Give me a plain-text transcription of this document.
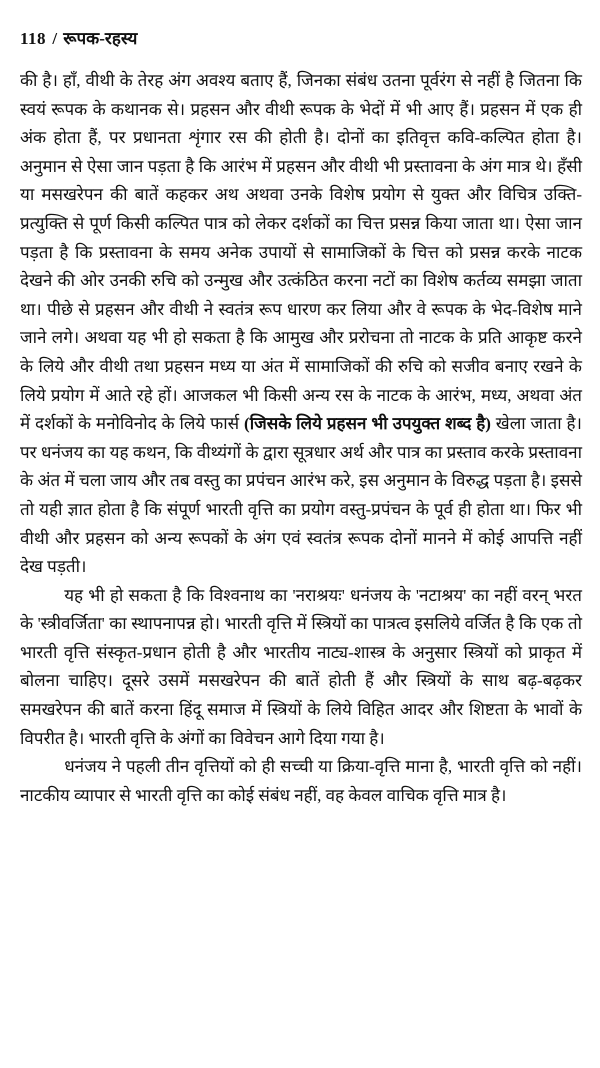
118 / रूपक-रहस्य

की है। हाँ, वीथी के तेरह अंग अवश्य बताए हैं, जिनका संबंध उतना पूर्वरंग से नहीं है जितना कि स्वयं रूपक के कथानक से। प्रहसन और वीथी रूपक के भेदों में भी आए हैं। प्रहसन में एक ही अंक होता हैं, पर प्रधानता शृंगार रस की होती है। दोनों का इतिवृत्त कवि-कल्पित होता है। अनुमान से ऐसा जान पड़ता है कि आरंभ में प्रहसन और वीथी भी प्रस्तावना के अंग मात्र थे। हँसी या मसखरेपन की बातें कहकर अथ अथवा उनके विशेष प्रयोग से युक्त और विचित्र उक्ति-प्रत्युक्ति से पूर्ण किसी कल्पित पात्र को लेकर दर्शकों का चित्त प्रसन्न किया जाता था। ऐसा जान पड़ता है कि प्रस्तावना के समय अनेक उपायों से सामाजिकों के चित्त को प्रसन्न करके नाटक देखने की ओर उनकी रुचि को उन्मुख और उत्कंठित करना नटों का विशेष कर्तव्य समझा जाता था। पीछे से प्रहसन और वीथी ने स्वतंत्र रूप धारण कर लिया और वे रूपक के भेद-विशेष माने जाने लगे। अथवा यह भी हो सकता है कि आमुख और प्ररोचना तो नाटक के प्रति आकृष्ट करने के लिये और वीथी तथा प्रहसन मध्य या अंत में सामाजिकों की रुचि को सजीव बनाए रखने के लिये प्रयोग में आते रहे हों। आजकल भी किसी अन्य रस के नाटक के आरंभ, मध्य, अथवा अंत में दर्शकों के मनोविनोद के लिये फार्स (जिसके लिये प्रहसन भी उपयुक्त शब्द है) खेला जाता है। पर धनंजय का यह कथन, कि वीथ्यंगों के द्वारा सूत्रधार अर्थ और पात्र का प्रस्ताव करके प्रस्तावना के अंत में चला जाय और तब वस्तु का प्रपंचन आरंभ करे, इस अनुमान के विरुद्ध पड़ता है। इससे तो यही ज्ञात होता है कि संपूर्ण भारती वृत्ति का प्रयोग वस्तु-प्रपंचन के पूर्व ही होता था। फिर भी वीथी और प्रहसन को अन्य रूपकों के अंग एवं स्वतंत्र रूपक दोनों मानने में कोई आपत्ति नहीं देख पड़ती।

यह भी हो सकता है कि विश्वनाथ का 'नराश्रयः' धनंजय के 'नटाश्रय' का नहीं वरन् भरत के 'स्त्रीवर्जिता' का स्थापनापन्न हो। भारती वृत्ति में स्त्रियों का पात्रत्व इसलिये वर्जित है कि एक तो भारती वृत्ति संस्कृत-प्रधान होती है और भारतीय नाट्य-शास्त्र के अनुसार स्त्रियों को प्राकृत में बोलना चाहिए। दूसरे उसमें मसखरेपन की बातें होती हैं और स्त्रियों के साथ बढ़-बढ़कर समखरेपन की बातें करना हिंदू समाज में स्त्रियों के लिये विहित आदर और शिष्टता के भावों के विपरीत है। भारती वृत्ति के अंगों का विवेचन आगे दिया गया है।

धनंजय ने पहली तीन वृत्तियों को ही सच्ची या क्रिया-वृत्ति माना है, भारती वृत्ति को नहीं। नाटकीय व्यापार से भारती वृत्ति का कोई संबंध नहीं, वह केवल वाचिक वृत्ति मात्र है।
